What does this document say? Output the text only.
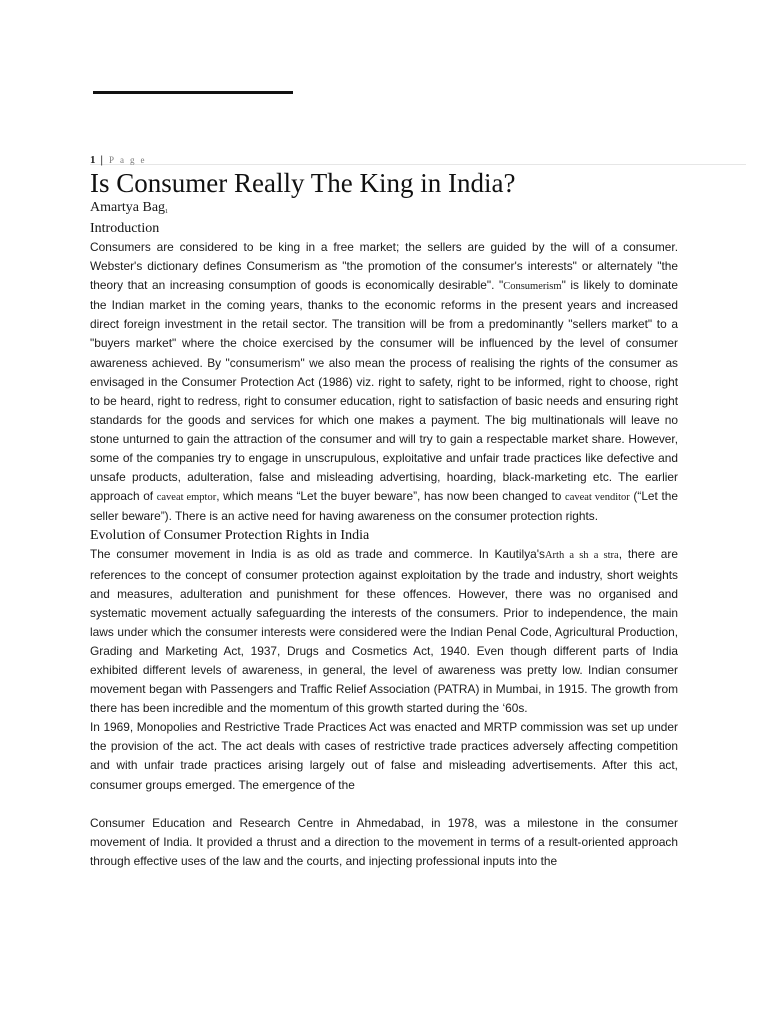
1 | Page
Is Consumer Really The King in India?
Amartya Bag$^1$
Introduction

Consumers are considered to be king in a free market; the sellers are guided by the will of a consumer. Webster's dictionary defines Consumerism as "the promotion of the consumer's interests" or alternately "the theory that an increasing consumption of goods is economically desirable". "Consumerism" is likely to dominate the Indian market in the coming years, thanks to the economic reforms in the present years and increased direct foreign investment in the retail sector. The transition will be from a predominantly "sellers market" to a "buyers market" where the choice exercised by the consumer will be influenced by the level of consumer awareness achieved. By "consumerism" we also mean the process of realising the rights of the consumer as envisaged in the Consumer Protection Act (1986) viz. right to safety, right to be informed, right to choose, right to be heard, right to redress, right to consumer education, right to satisfaction of basic needs and ensuring right standards for the goods and services for which one makes a payment. The big multinationals will leave no stone unturned to gain the attraction of the consumer and will try to gain a respectable market share. However, some of the companies try to engage in unscrupulous, exploitative and unfair trade practices like defective and unsafe products, adulteration, false and misleading advertising, hoarding, black-marketing etc. The earlier approach of caveat emptor, which means “Let the buyer beware”, has now been changed to caveat venditor (“Let the seller beware”). There is an active need for having awareness on the consumer protection rights.

Evolution of Consumer Protection Rights in India

The consumer movement in India is as old as trade and commerce. In Kautilya'sArth a sh a stra, there are references to the concept of consumer protection against exploitation by the trade and industry, short weights and measures, adulteration and punishment for these offences. However, there was no organised and systematic movement actually safeguarding the interests of the consumers. Prior to independence, the main laws under which the consumer interests were considered were the Indian Penal Code, Agricultural Production, Grading and Marketing Act, 1937, Drugs and Cosmetics Act, 1940. Even though different parts of India exhibited different levels of awareness, in general, the level of awareness was pretty low. Indian consumer movement began with Passengers and Traffic Relief Association (PATRA) in Mumbai, in 1915. The growth from there has been incredible and the momentum of this growth started during the ‘60s.

In 1969, Monopolies and Restrictive Trade Practices Act was enacted and MRTP commission was set up under the provision of the act. The act deals with cases of restrictive trade practices adversely affecting competition and with unfair trade practices arising largely out of false and misleading advertisements. After this act, consumer groups emerged. The emergence of the

Consumer Education and Research Centre in Ahmedabad, in 1978, was a milestone in the consumer movement of India. It provided a thrust and a direction to the movement in terms of a result-oriented approach through effective uses of the law and the courts, and injecting professional inputs into the
